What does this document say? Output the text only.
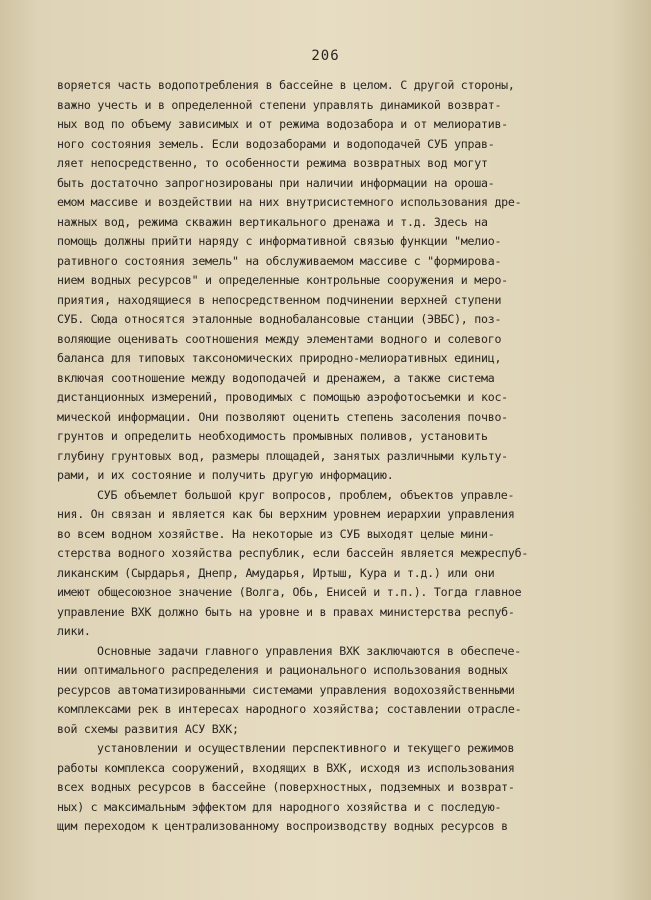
206
воряется часть водопотребления в бассейне в целом. С другой стороны,
важно учесть и в определенной степени управлять динамикой возврат-
ных вод по объему зависимых и от режима водозабора и от мелиоратив-
ного состояния земель. Если водозаборами и водоподачей СУБ управ-
ляет непосредственно, то особенности режима возвратных вод могут
быть достаточно запрогнозированы при наличии информации на ороша-
емом массиве и воздействии на них внутрисистемного использования дре-
нажных вод, режима скважин вертикального дренажа и т.д. Здесь на
помощь должны прийти наряду с информативной связью функции "мелио-
ративного состояния земель" на обслуживаемом массиве с "формирова-
нием водных ресурсов" и определенные контрольные сооружения и меро-
приятия, находящиеся в непосредственном подчинении верхней ступени
СУБ. Сюда относятся эталонные воднобалансовые станции (ЭВБС), поз-
воляющие оценивать соотношения между элементами водного и солевого
баланса для типовых таксономических природно-мелиоративных единиц,
включая соотношение между водоподачей и дренажем, а также система
дистанционных измерений, проводимых с помощью аэрофотосъемки и кос-
мической информации. Они позволяют оценить степень засоления почво-
грунтов и определить необходимость промывных поливов, установить
глубину грунтовых вод, размеры площадей, занятых различными культу-
рами, и их состояние и получить другую информацию.
СУБ объемлет большой круг вопросов, проблем, объектов управле-
ния. Он связан и является как бы верхним уровнем иерархии управления
во всем водном хозяйстве. На некоторые из СУБ выходят целые мини-
стерства водного хозяйства республик, если бассейн является межреспуб-
ликанским (Сырдарья, Днепр, Амударья, Иртыш, Кура и т.д.) или они
имеют общесоюзное значение (Волга, Обь, Енисей и т.п.). Тогда главное
управление ВХК должно быть на уровне и в правах министерства респуб-
лики.
Основные задачи главного управления ВХК заключаются в обеспече-
нии оптимального распределения и рационального использования водных
ресурсов автоматизированными системами управления водохозяйственными
комплексами рек в интересах народного хозяйства; составлении отрасле-
вой схемы развития АСУ ВХК;
установлении и осуществлении перспективного и текущего режимов
работы комплекса сооружений, входящих в ВХК, исходя из использования
всех водных ресурсов в бассейне (поверхностных, подземных и возврат-
ных) с максимальным эффектом для народного хозяйства и с последую-
щим переходом к централизованному воспроизводству водных ресурсов в
